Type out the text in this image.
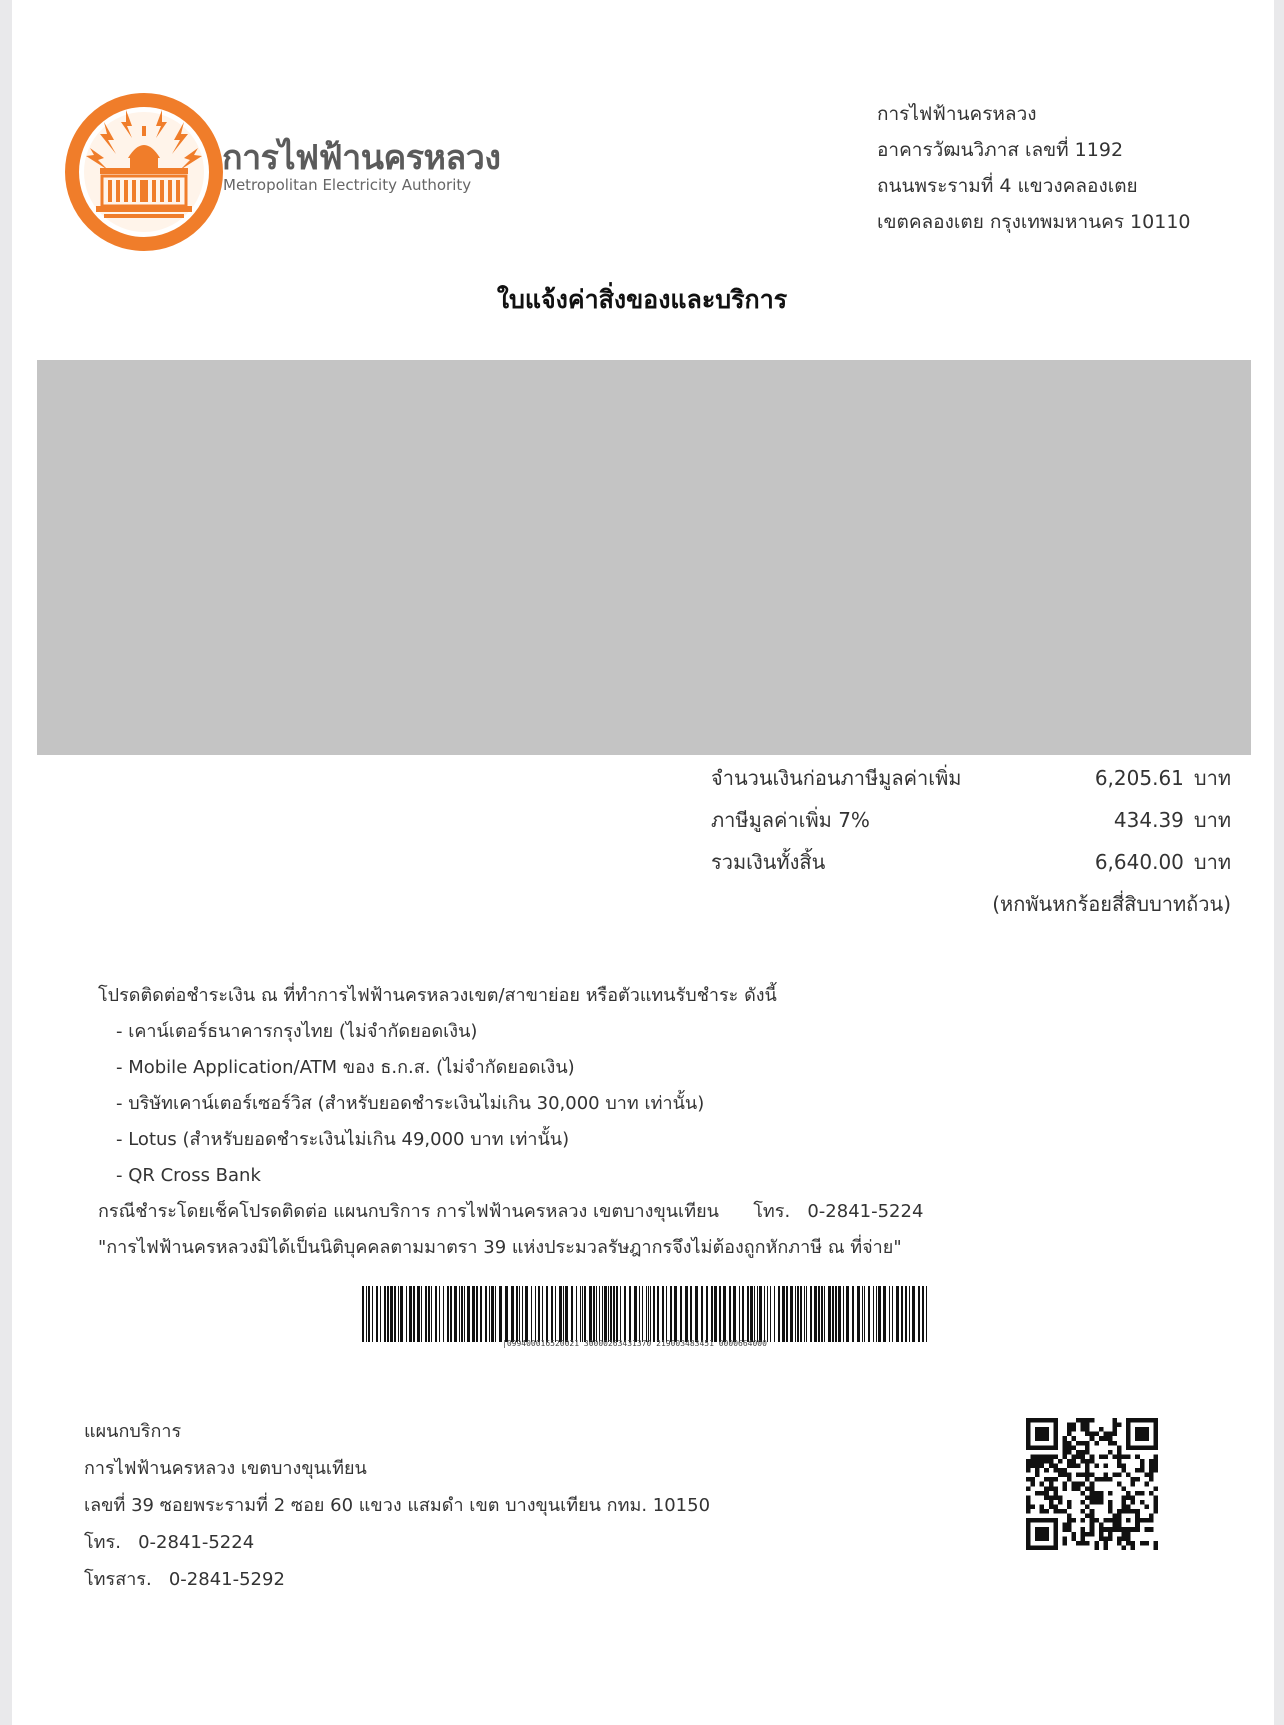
การไฟฟ้านครหลวง
Metropolitan Electricity Authority
การไฟฟ้านครหลวง
อาคารวัฒนวิภาส เลขที่ 1192
ถนนพระรามที่ 4 แขวงคลองเตย
เขตคลองเตย กรุงเทพมหานคร 10110
ใบแจ้งค่าสิ่งของและบริการ
จำนวนเงินก่อนภาษีมูลค่าเพิ่ม	6,205.61 บาท
ภาษีมูลค่าเพิ่ม 7%	434.39 บาท
รวมเงินทั้งสิ้น	6,640.00 บาท
(หกพันหกร้อยสี่สิบบาทถ้วน)
โปรดติดต่อชำระเงิน ณ ที่ทำการไฟฟ้านครหลวงเขต/สาขาย่อย หรือตัวแทนรับชำระ ดังนี้
- เคาน์เตอร์ธนาคารกรุงไทย (ไม่จำกัดยอดเงิน)
- Mobile Application/ATM ของ ธ.ก.ส. (ไม่จำกัดยอดเงิน)
- บริษัทเคาน์เตอร์เซอร์วิส (สำหรับยอดชำระเงินไม่เกิน 30,000 บาท เท่านั้น)
- Lotus (สำหรับยอดชำระเงินไม่เกิน 49,000 บาท เท่านั้น)
- QR Cross Bank
กรณีชำระโดยเช็คโปรดติดต่อ แผนกบริการ การไฟฟ้านครหลวง เขตบางขุนเทียน      โทร.   0-2841-5224
"การไฟฟ้านครหลวงมิได้เป็นนิติบุคคลตามมาตรา 39 แห่งประมวลรัษฎากรจึงไม่ต้องถูกหักภาษี ณ ที่จ่าย"
|099400016520021 30000263431370 219003483451 0000664000
แผนกบริการ
การไฟฟ้านครหลวง เขตบางขุนเทียน
เลขที่ 39 ซอยพระรามที่ 2 ซอย 60 แขวง แสมดำ เขต บางขุนเทียน กทม. 10150
โทร.   0-2841-5224
โทรสาร.   0-2841-5292
